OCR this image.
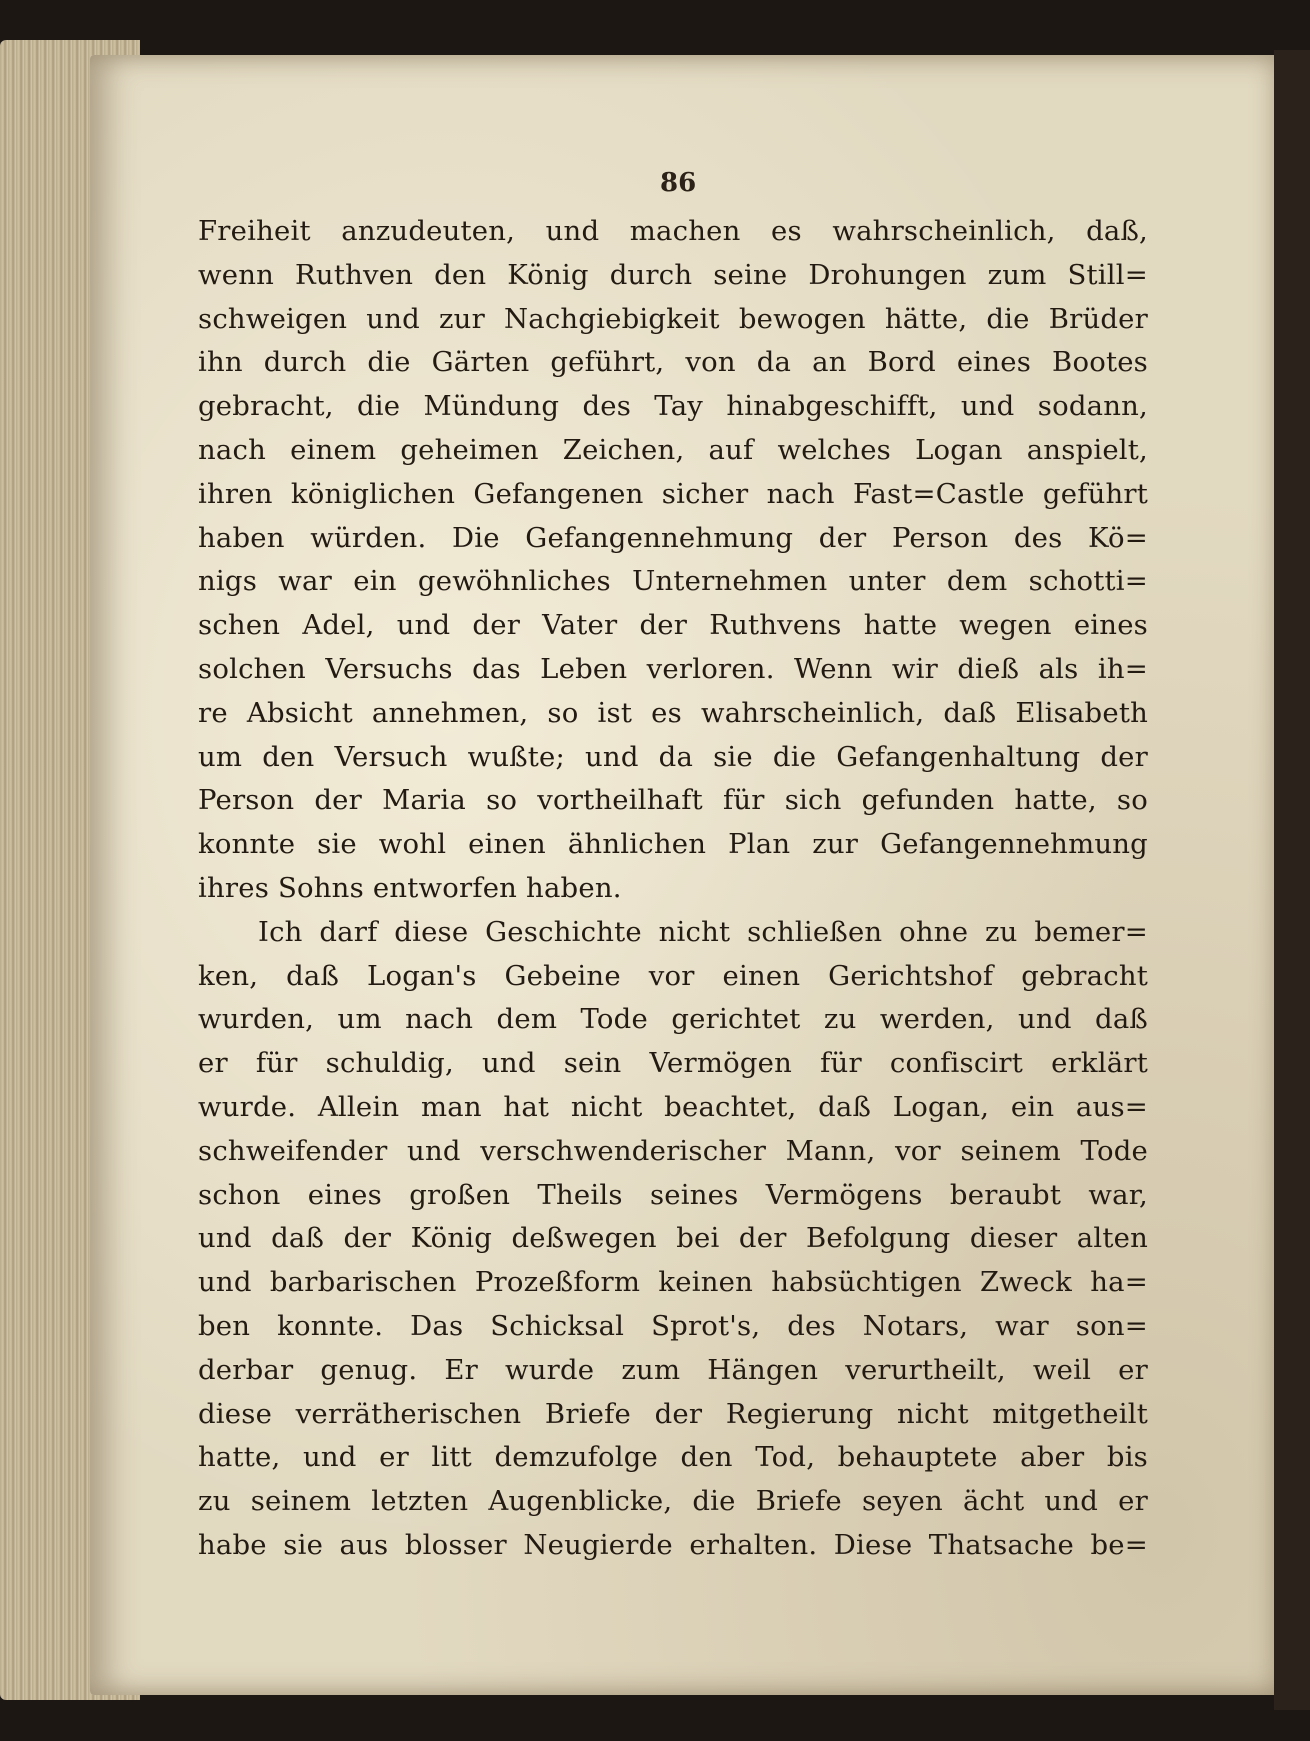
86
Freiheit anzudeuten, und machen es wahrscheinlich, daß,
wenn Ruthven den König durch seine Drohungen zum Still=
schweigen und zur Nachgiebigkeit bewogen hätte, die Brüder
ihn durch die Gärten geführt, von da an Bord eines Bootes
gebracht, die Mündung des Tay hinabgeschifft, und sodann,
nach einem geheimen Zeichen, auf welches Logan anspielt,
ihren königlichen Gefangenen sicher nach Fast=Castle geführt
haben würden. Die Gefangennehmung der Person des Kö=
nigs war ein gewöhnliches Unternehmen unter dem schotti=
schen Adel, und der Vater der Ruthvens hatte wegen eines
solchen Versuchs das Leben verloren. Wenn wir dieß als ih=
re Absicht annehmen, so ist es wahrscheinlich, daß Elisabeth
um den Versuch wußte; und da sie die Gefangenhaltung der
Person der Maria so vortheilhaft für sich gefunden hatte, so
konnte sie wohl einen ähnlichen Plan zur Gefangennehmung
ihres Sohns entworfen haben.
Ich darf diese Geschichte nicht schließen ohne zu bemer=
ken, daß Logan's Gebeine vor einen Gerichtshof gebracht
wurden, um nach dem Tode gerichtet zu werden, und daß
er für schuldig, und sein Vermögen für confiscirt erklärt
wurde. Allein man hat nicht beachtet, daß Logan, ein aus=
schweifender und verschwenderischer Mann, vor seinem Tode
schon eines großen Theils seines Vermögens beraubt war,
und daß der König deßwegen bei der Befolgung dieser alten
und barbarischen Prozeßform keinen habsüchtigen Zweck ha=
ben konnte. Das Schicksal Sprot's, des Notars, war son=
derbar genug. Er wurde zum Hängen verurtheilt, weil er
diese verrätherischen Briefe der Regierung nicht mitgetheilt
hatte, und er litt demzufolge den Tod, behauptete aber bis
zu seinem letzten Augenblicke, die Briefe seyen ächt und er
habe sie aus blosser Neugierde erhalten. Diese Thatsache be=
